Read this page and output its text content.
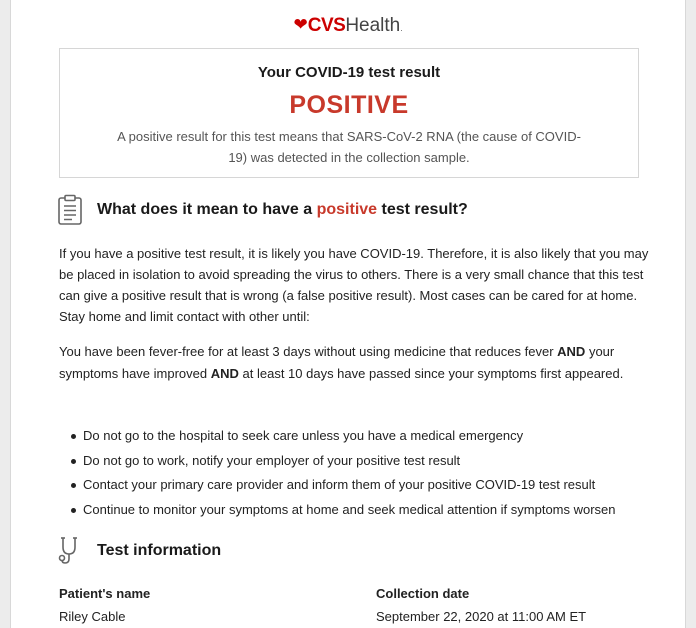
❤CVSHealth.
Your COVID-19 test result
POSITIVE
A positive result for this test means that SARS-CoV-2 RNA (the cause of COVID-19) was detected in the collection sample.
What does it mean to have a positive test result?

If you have a positive test result, it is likely you have COVID-19. Therefore, it is also likely that you may be placed in isolation to avoid spreading the virus to others. There is a very small chance that this test can give a positive result that is wrong (a false positive result). Most cases can be cared for at home. Stay home and limit contact with other until:

You have been fever-free for at least 3 days without using medicine that reduces fever AND your symptoms have improved AND at least 10 days have passed since your symptoms first appeared.

Do not go to the hospital to seek care unless you have a medical emergency
Do not go to work, notify your employer of your positive test result
Contact your primary care provider and inform them of your positive COVID-19 test result
Continue to monitor your symptoms at home and seek medical attention if symptoms worsen
Test information
Patient's name
Riley Cable
Collection date
September 22, 2020 at 11:00 AM ET
